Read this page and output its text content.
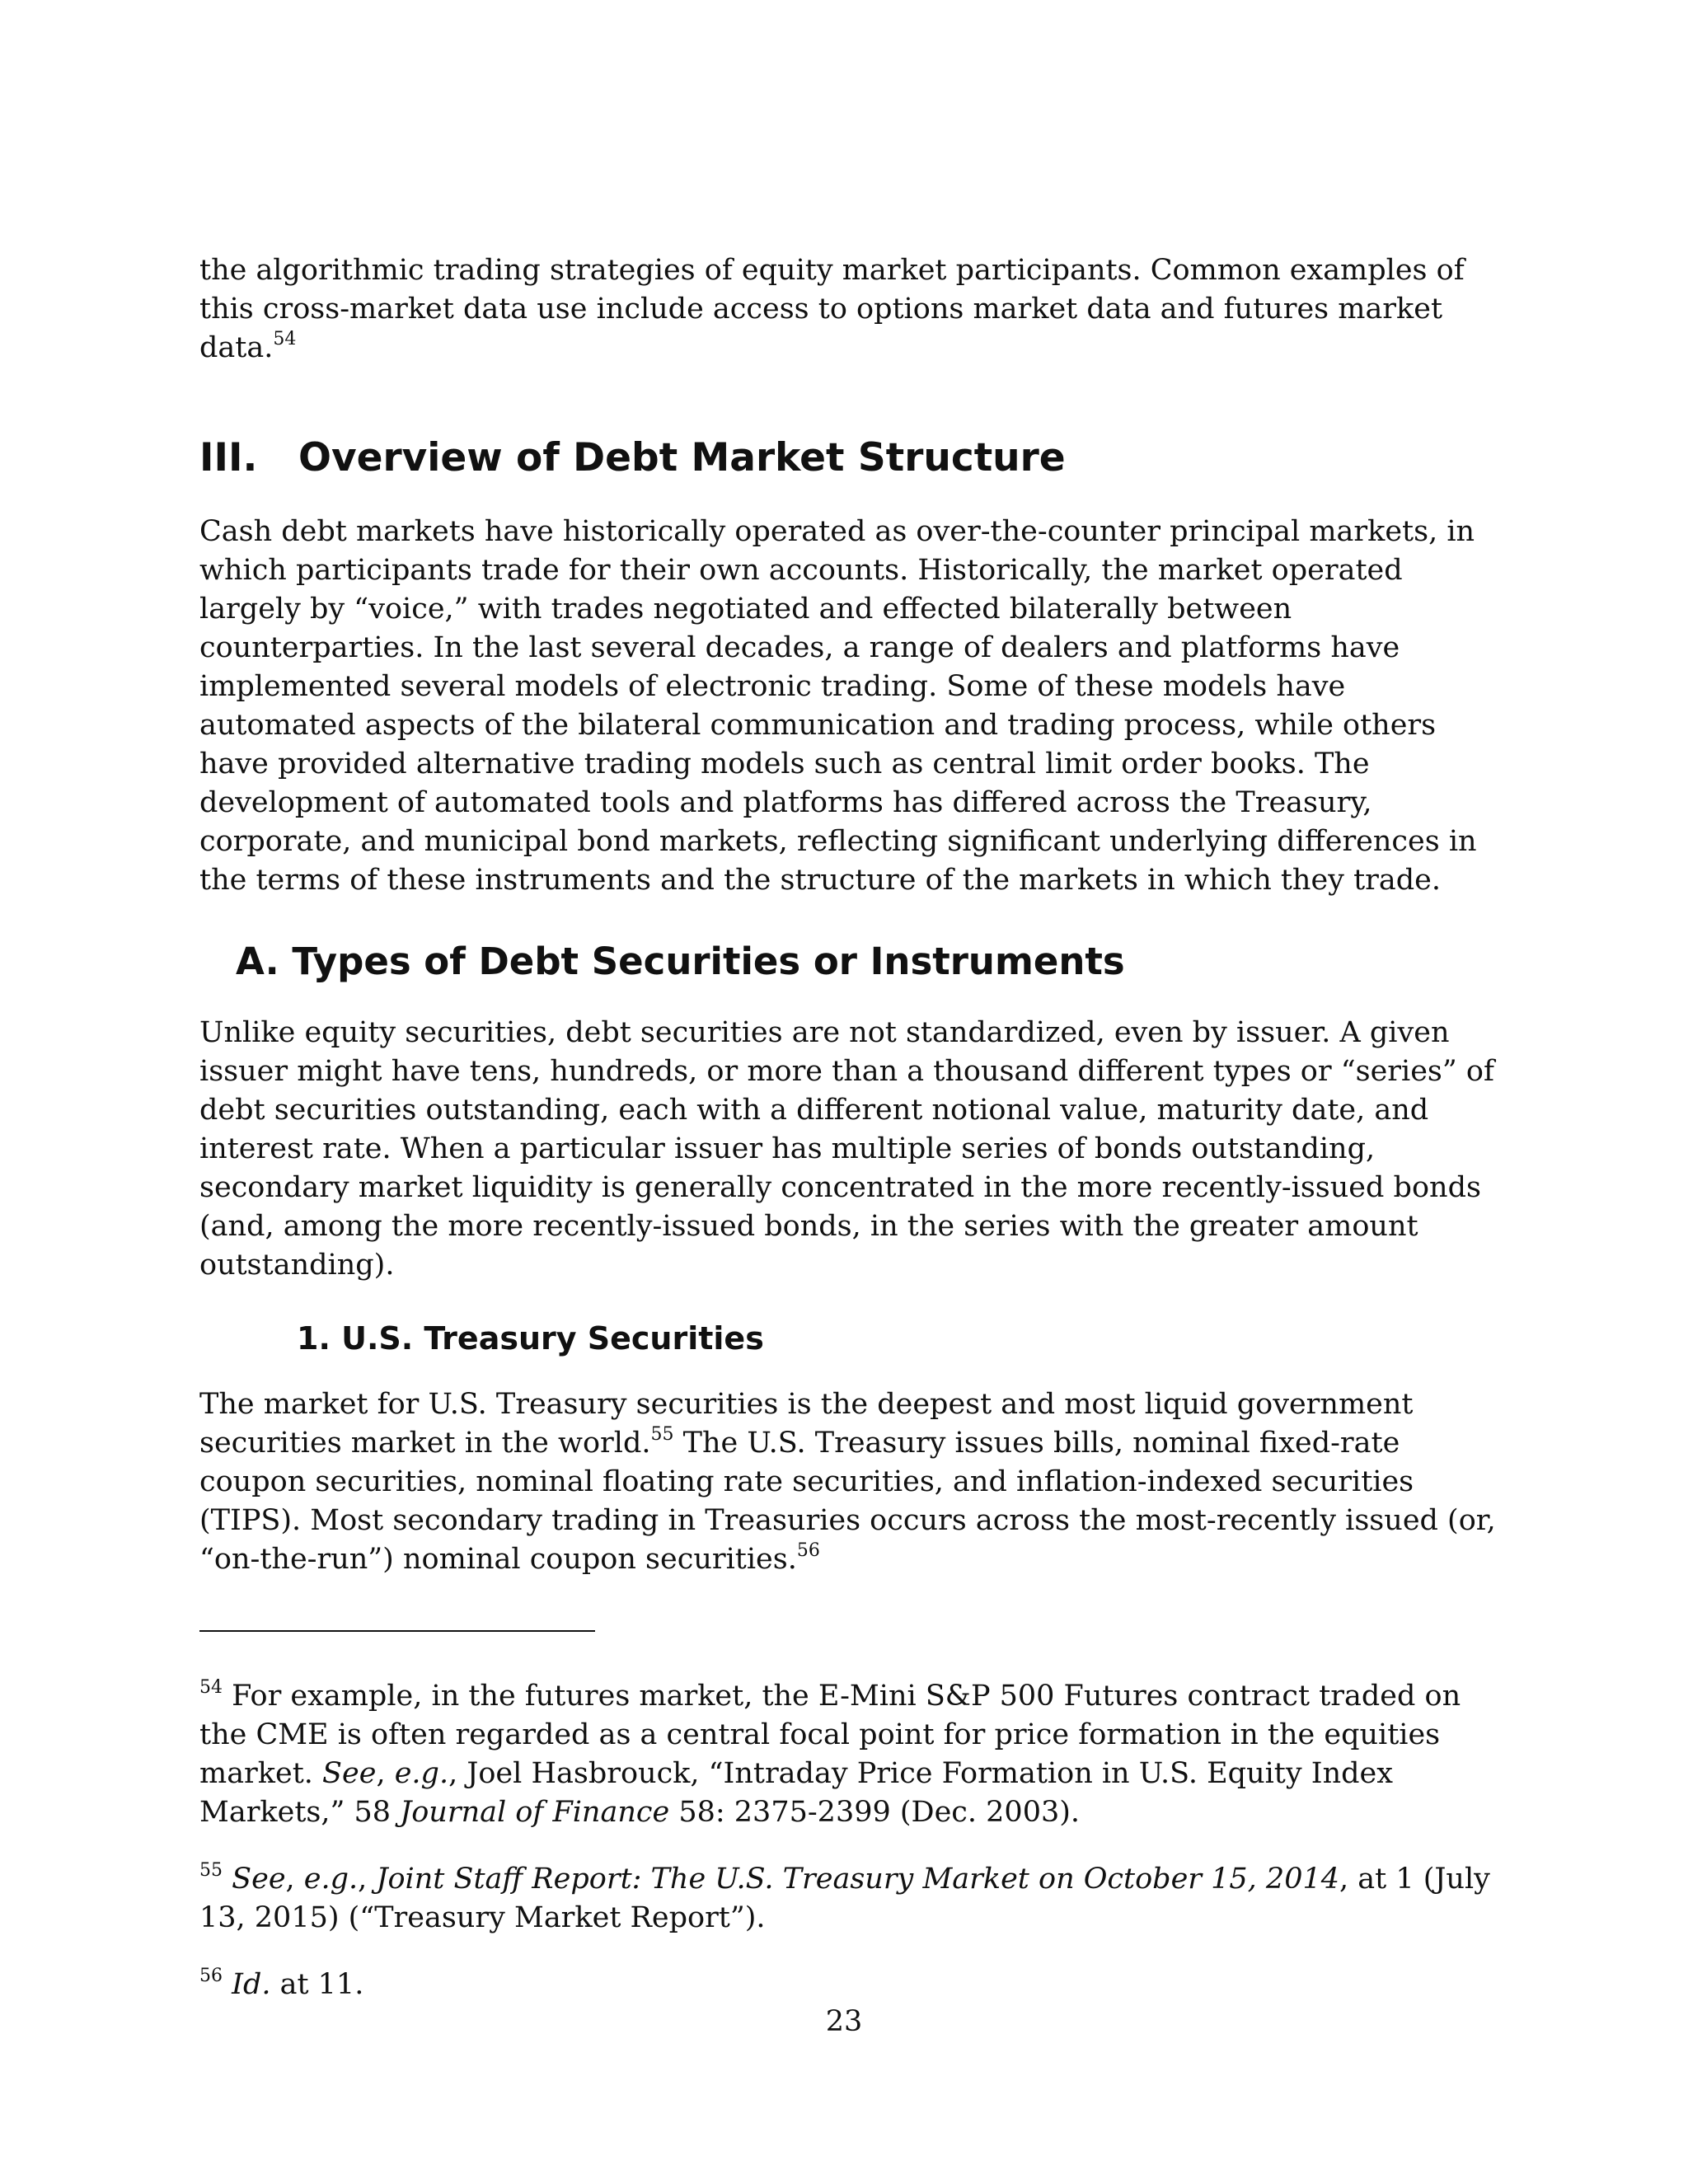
the algorithmic trading strategies of equity market participants. Common examples of this cross-market data use include access to options market data and futures market data.$^{54}$

III.	Overview of Debt Market Structure

Cash debt markets have historically operated as over-the-counter principal markets, in which participants trade for their own accounts. Historically, the market operated largely by “voice,” with trades negotiated and effected bilaterally between counterparties. In the last several decades, a range of dealers and platforms have implemented several models of electronic trading. Some of these models have automated aspects of the bilateral communication and trading process, while others have provided alternative trading models such as central limit order books. The development of automated tools and platforms has differed across the Treasury, corporate, and municipal bond markets, reflecting significant underlying differences in the terms of these instruments and the structure of the markets in which they trade.

A. Types of Debt Securities or Instruments

Unlike equity securities, debt securities are not standardized, even by issuer. A given issuer might have tens, hundreds, or more than a thousand different types or “series” of debt securities outstanding, each with a different notional value, maturity date, and interest rate. When a particular issuer has multiple series of bonds outstanding, secondary market liquidity is generally concentrated in the more recently-issued bonds (and, among the more recently-issued bonds, in the series with the greater amount outstanding).

1. U.S. Treasury Securities

The market for U.S. Treasury securities is the deepest and most liquid government securities market in the world.$^{55}$ The U.S. Treasury issues bills, nominal fixed-rate coupon securities, nominal floating rate securities, and inflation-indexed securities (TIPS). Most secondary trading in Treasuries occurs across the most-recently issued (or, “on-the-run”) nominal coupon securities.$^{56}$

$^{54}$ For example, in the futures market, the E-Mini S&P 500 Futures contract traded on the CME is often regarded as a central focal point for price formation in the equities market. See, e.g., Joel Hasbrouck, “Intraday Price Formation in U.S. Equity Index Markets,” 58 Journal of Finance 58: 2375-2399 (Dec. 2003).

$^{55}$ See, e.g., Joint Staff Report: The U.S. Treasury Market on October 15, 2014, at 1 (July 13, 2015) (“Treasury Market Report”).

$^{56}$ Id. at 11.

23
